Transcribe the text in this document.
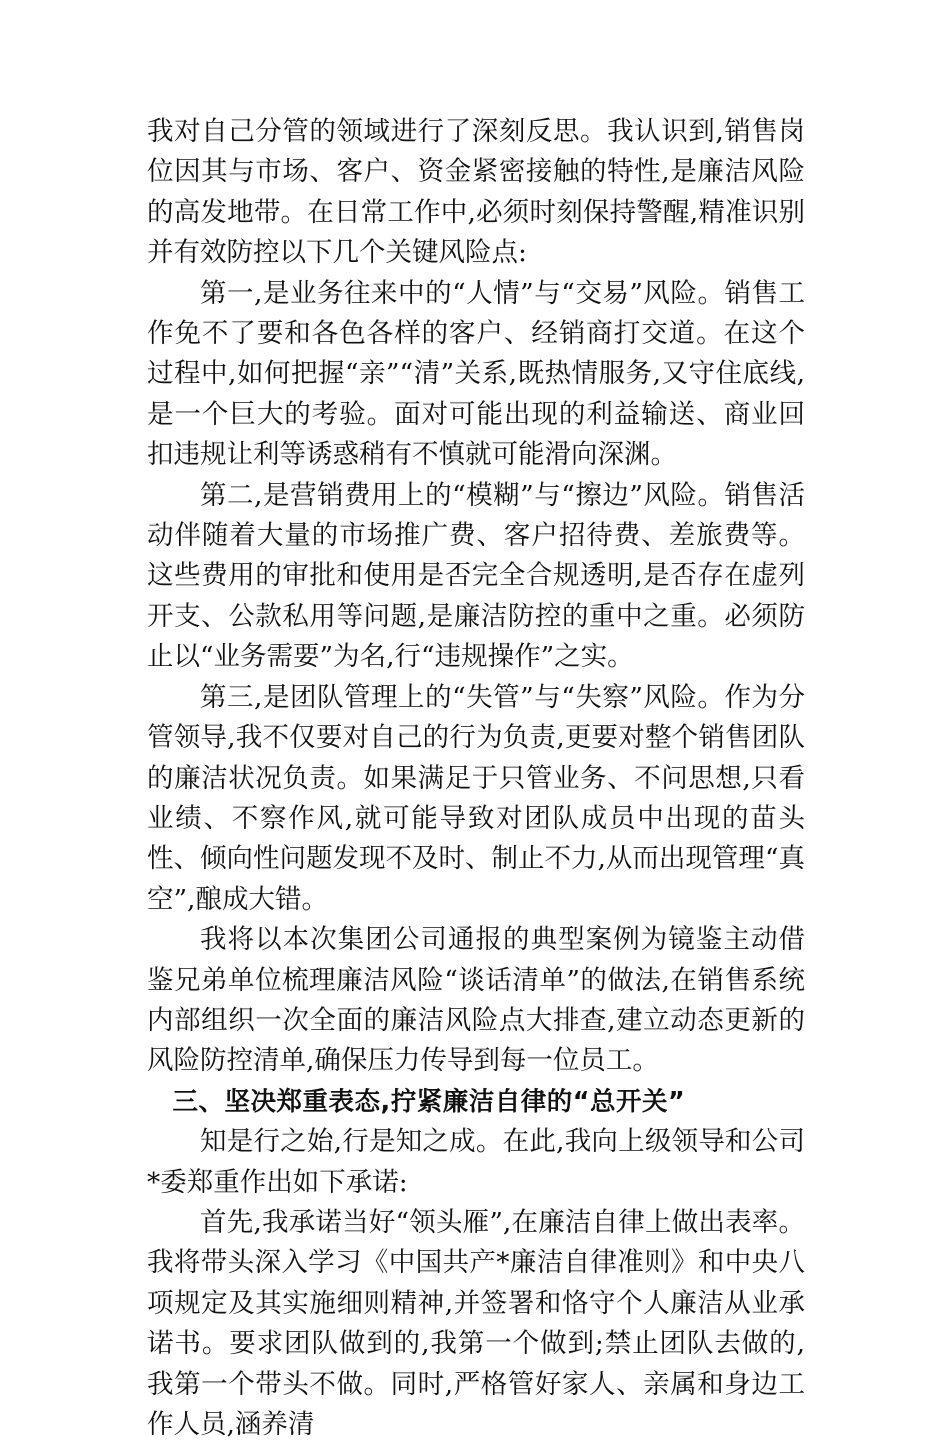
我对自己分管的领域进行了深刻反思。我认识到,销售岗位因其与市场、客户、资金紧密接触的特性,是廉洁风险的高发地带。在日常工作中,必须时刻保持警醒,精准识别并有效防控以下几个关键风险点:

第一,是业务往来中的“人情”与“交易”风险。销售工作免不了要和各色各样的客户、经销商打交道。在这个过程中,如何把握“亲”“清”关系,既热情服务,又守住底线,是一个巨大的考验。面对可能出现的利益输送、商业回扣违规让利等诱惑稍有不慎就可能滑向深渊。

第二,是营销费用上的“模糊”与“擦边”风险。销售活动伴随着大量的市场推广费、客户招待费、差旅费等。这些费用的审批和使用是否完全合规透明,是否存在虚列开支、公款私用等问题,是廉洁防控的重中之重。必须防止以“业务需要”为名,行“违规操作”之实。

第三,是团队管理上的“失管”与“失察”风险。作为分管领导,我不仅要对自己的行为负责,更要对整个销售团队的廉洁状况负责。如果满足于只管业务、不问思想,只看业绩、不察作风,就可能导致对团队成员中出现的苗头性、倾向性问题发现不及时、制止不力,从而出现管理“真空”,酿成大错。

我将以本次集团公司通报的典型案例为镜鉴主动借鉴兄弟单位梳理廉洁风险“谈话清单”的做法,在销售系统内部组织一次全面的廉洁风险点大排查,建立动态更新的风险防控清单,确保压力传导到每一位员工。

三、坚决郑重表态,拧紧廉洁自律的“总开关”

知是行之始,行是知之成。在此,我向上级领导和公司*委郑重作出如下承诺:

首先,我承诺当好“领头雁”,在廉洁自律上做出表率。我将带头深入学习《中国共产*廉洁自律准则》和中央八项规定及其实施细则精神,并签署和恪守个人廉洁从业承诺书。要求团队做到的,我第一个做到;禁止团队去做的,我第一个带头不做。同时,严格管好家人、亲属和身边工作人员,涵养清
